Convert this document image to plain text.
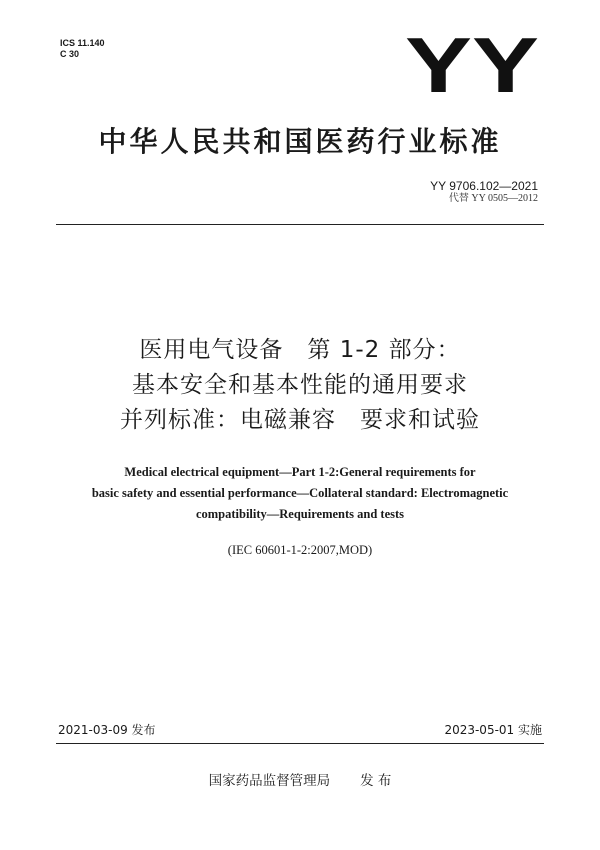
ICS 11.140
C 30	YY
中华人民共和国医药行业标准
YY 9706.102—2021
代替 YY 0505—2012
医用电气设备　第 1-2 部分：
基本安全和基本性能的通用要求
并列标准：电磁兼容　要求和试验
Medical electrical equipment—Part 1-2:General requirements for
basic safety and essential performance—Collateral standard: Electromagnetic
compatibility—Requirements and tests
(IEC 60601-1-2:2007,MOD)
2021-03-09 发布	2023-05-01 实施
国家药品监督管理局 发 布
